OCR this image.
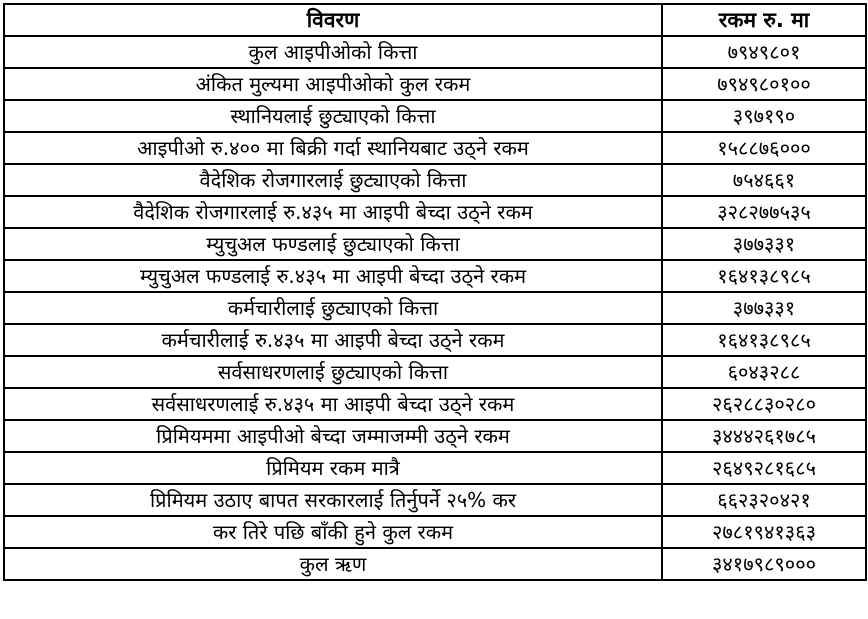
विवरण	रकम रु. मा
कुल आइपीओको कित्ता	७९४९८०१
अंकित मुल्यमा आइपीओको कुल रकम	७९४९८०१००
स्थानियलाई छुट्याएको कित्ता	३९७१९०
आइपीओ रु.४०० मा बिक्री गर्दा स्थानियबाट उठ्ने रकम	१५८८७६०००
वैदेशिक रोजगारलाई छुट्याएको कित्ता	७५४६६१
वैदेशिक रोजगारलाई रु.४३५ मा आइपी बेच्दा उठ्ने रकम	३२८२७७५३५
म्युचुअल फण्डलाई छुट्याएको कित्ता	३७७३३१
म्युचुअल फण्डलाई रु.४३५ मा आइपी बेच्दा उठ्ने रकम	१६४१३८९८५
कर्मचारीलाई छुट्याएको कित्ता	३७७३३१
कर्मचारीलाई रु.४३५ मा आइपी बेच्दा उठ्ने रकम	१६४१३८९८५
सर्वसाधरणलाई छुट्याएको कित्ता	६०४३२८८
सर्वसाधरणलाई रु.४३५ मा आइपी बेच्दा उठ्ने रकम	२६२८८३०२८०
प्रिमियममा आइपीओ बेच्दा जम्माजम्मी उठ्ने रकम	३४४४२६१७८५
प्रिमियम रकम मात्रै	२६४९२८१६८५
प्रिमियम उठाए बापत सरकारलाई तिर्नुपर्ने २५% कर	६६२३२०४२१
कर तिरे पछि बाँकी हुने कुल रकम	२७८१९४१३६३
कुल ऋण	३४१७९८९०००
